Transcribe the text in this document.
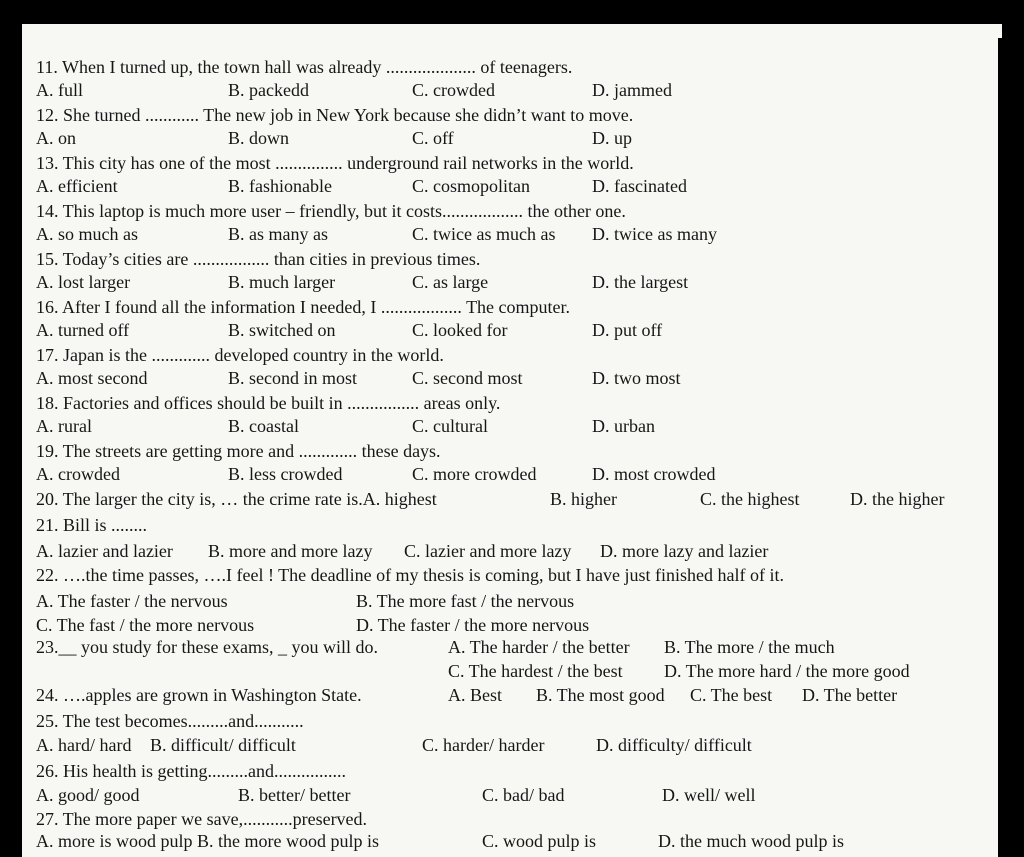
11. When I turned up, the town hall was already .................... of teenagers.
A. full	B. packedd	C. crowded	D. jammed
12. She turned ............ The new job in New York because she didn’t want to move.
A. on	B. down	C. off	D. up
13. This city has one of the most ............... underground rail networks in the world.
A. efficient	B. fashionable	C. cosmopolitan	D. fascinated
14. This laptop is much more user – friendly, but it costs.................. the other one.
A. so much as	B. as many as	C. twice as much as D. twice as many
15. Today’s cities are ................. than cities in previous times.
A. lost larger	B. much larger	C. as large	D. the largest
16. After I found all the information I needed, I .................. The computer.
A. turned off	B. switched on	C. looked for	D. put off
17. Japan is the ............. developed country in the world.
A. most second	B. second in most	C. second most	D. two most
18. Factories and offices should be built in ................ areas only.
A. rural	B. coastal	C. cultural	D. urban
19. The streets are getting more and ............. these days.
A. crowded	B. less crowded	C. more crowded	D. most crowded
20. The larger the city is, … the crime rate is.A. highest	B. higher	C. the highest	D. the higher
21. Bill is ........
A. lazier and lazier B. more and more lazy C. lazier and more lazy D. more lazy and lazier
22. ….the time passes, ….I feel ! The deadline of my thesis is coming, but I have just finished half of it.
A. The faster / the nervous	B. The more fast / the nervous
C. The fast / the more nervous	D. The faster / the more nervous
23.__ you study for these exams, _ you will do.	A. The harder / the better B. The more / the much
C. The hardest / the best D. The more hard / the more good
24. ….apples are grown in Washington State.	A. Best B. The most good C. The best D. The better
25. The test becomes.........and...........
A. hard/ hard B. difficult/ difficult	C. harder/ harder	D. difficulty/ difficult
26. His health is getting.........and................
A. good/ good	B. better/ better	C. bad/ bad	D. well/ well
27. The more paper we save,...........preserved.
A. more is wood pulp B. the more wood pulp is	C. wood pulp is	D. the much wood pulp is
